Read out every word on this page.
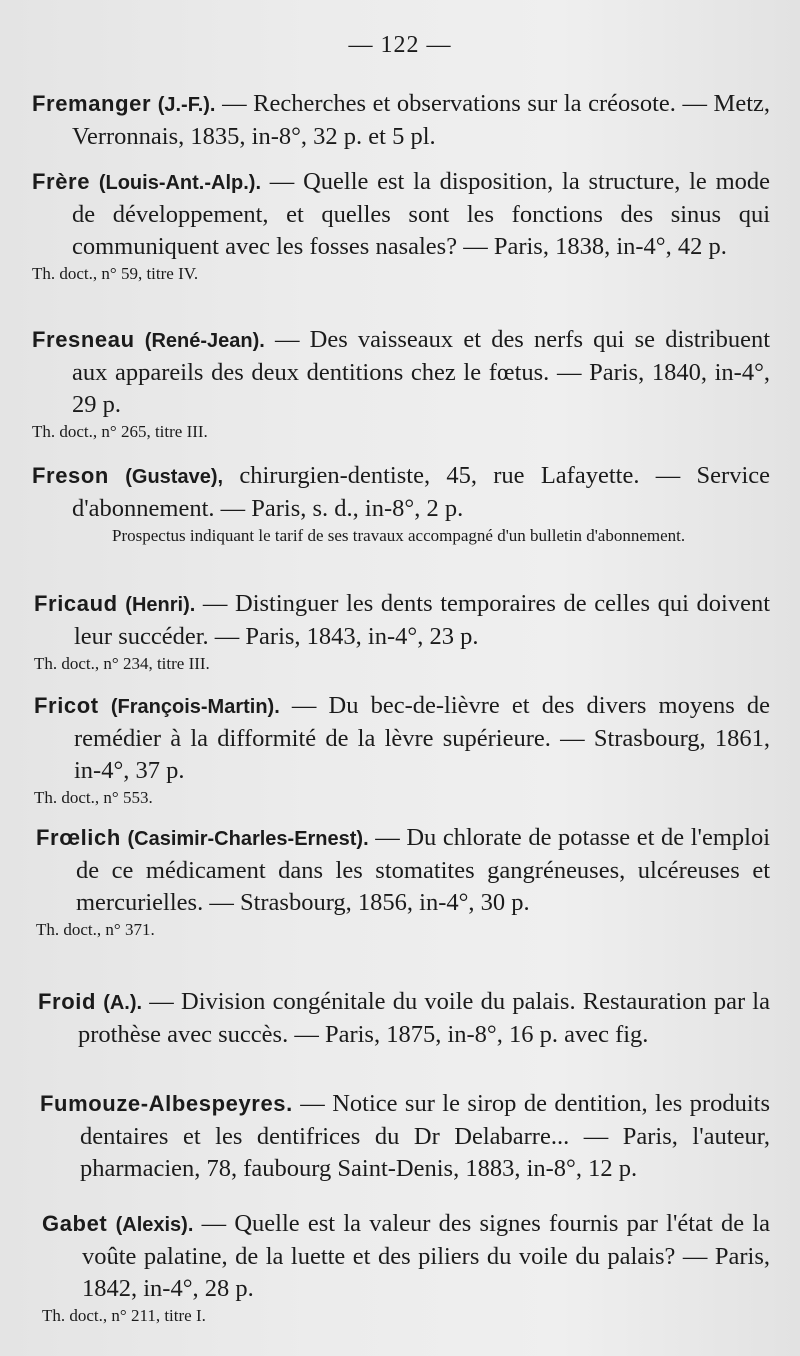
— 122 —

Fremanger (J.-F.). — Recherches et observations sur la créosote. — Metz, Verronnais, 1835, in-8°, 32 p. et 5 pl.

Frère (Louis-Ant.-Alp.). — Quelle est la disposition, la structure, le mode de développement, et quelles sont les fonctions des sinus qui communiquent avec les fosses nasales? — Paris, 1838, in-4°, 42 p.

Th. doct., n° 59, titre IV.

Fresneau (René-Jean). — Des vaisseaux et des nerfs qui se distribuent aux appareils des deux dentitions chez le fœtus. — Paris, 1840, in-4°, 29 p.

Th. doct., n° 265, titre III.

Freson (Gustave), chirurgien-dentiste, 45, rue Lafayette. — Service d'abonnement. — Paris, s. d., in-8°, 2 p.

Prospectus indiquant le tarif de ses travaux accompagné d'un bulletin d'abonnement.

Fricaud (Henri). — Distinguer les dents temporaires de celles qui doivent leur succéder. — Paris, 1843, in-4°, 23 p.

Th. doct., n° 234, titre III.

Fricot (François-Martin). — Du bec-de-lièvre et des divers moyens de remédier à la difformité de la lèvre supérieure. — Strasbourg, 1861, in-4°, 37 p.

Th. doct., n° 553.

Frœlich (Casimir-Charles-Ernest). — Du chlorate de potasse et de l'emploi de ce médicament dans les stomatites gangréneuses, ulcéreuses et mercurielles. — Strasbourg, 1856, in-4°, 30 p.

Th. doct., n° 371.

Froid (A.). — Division congénitale du voile du palais. Restauration par la prothèse avec succès. — Paris, 1875, in-8°, 16 p. avec fig.

Fumouze-Albespeyres. — Notice sur le sirop de dentition, les produits dentaires et les dentifrices du Dr Delabarre... — Paris, l'auteur, pharmacien, 78, faubourg Saint-Denis, 1883, in-8°, 12 p.

Gabet (Alexis). — Quelle est la valeur des signes fournis par l'état de la voûte palatine, de la luette et des piliers du voile du palais? — Paris, 1842, in-4°, 28 p.

Th. doct., n° 211, titre I.
